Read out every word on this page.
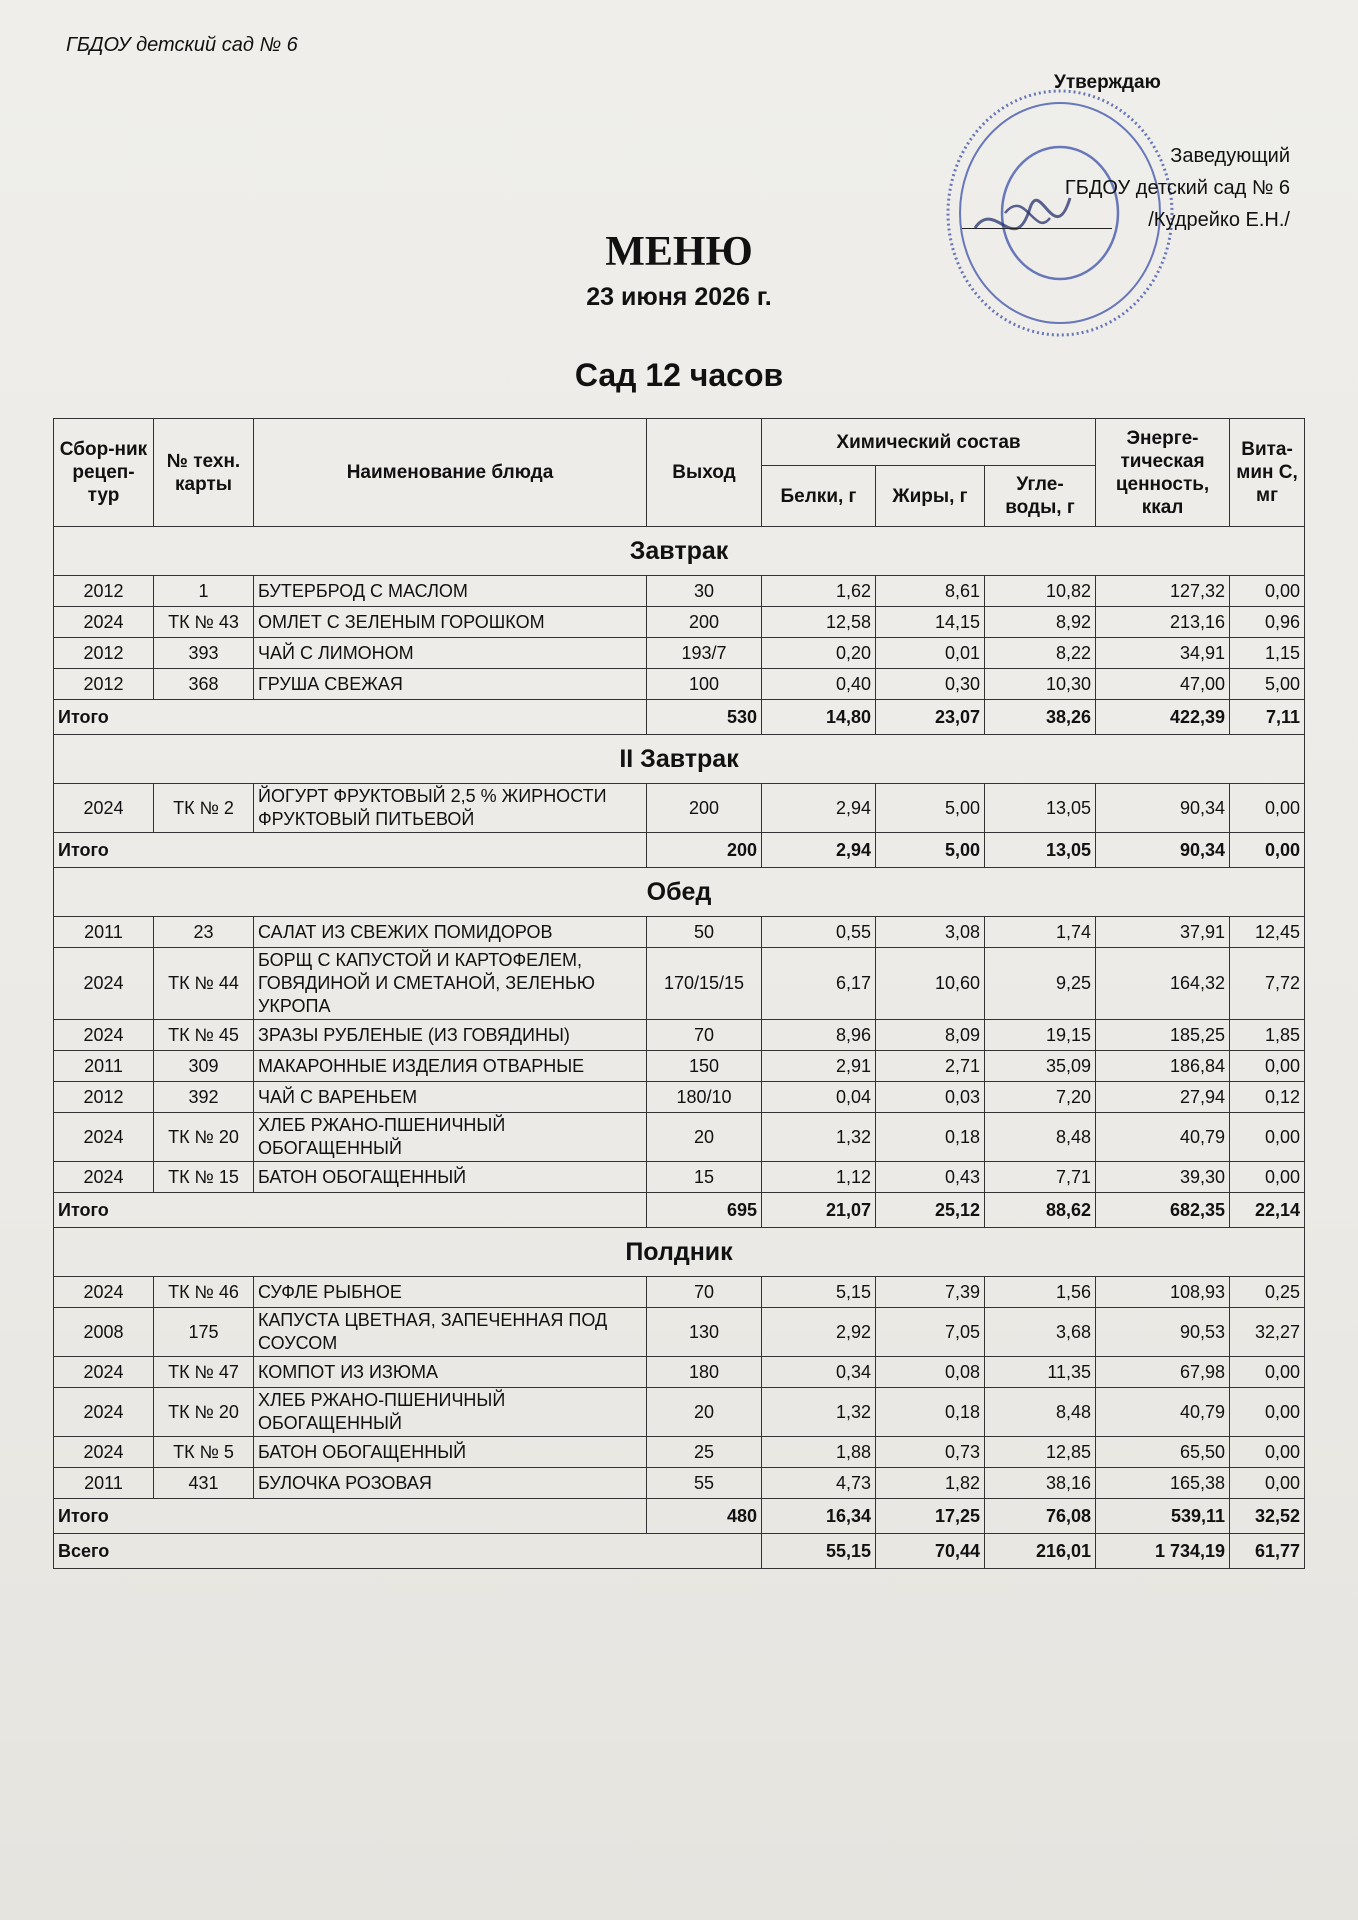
ГБДОУ детский сад № 6
Утверждаю
Заведующий
ГБДОУ детский сад № 6
/Кудрейко Е.Н./
МЕНЮ
23 июня 2026 г.
Сад 12 часов
Сбор-ник рецеп-тур	№ техн. карты	Наименование блюда	Выход	Химический состав			Энерге-тическая ценность, ккал	Вита-мин С, мг
				Белки, г	Жиры, г	Угле-воды, г		
Завтрак								
2012	1	БУТЕРБРОД С МАСЛОМ	30	1,62	8,61	10,82	127,32	0,00
2024	ТК № 43	ОМЛЕТ С ЗЕЛЕНЫМ ГОРОШКОМ	200	12,58	14,15	8,92	213,16	0,96
2012	393	ЧАЙ С ЛИМОНОМ	193/7	0,20	0,01	8,22	34,91	1,15
2012	368	ГРУША СВЕЖАЯ	100	0,40	0,30	10,30	47,00	5,00
Итого			530	14,80	23,07	38,26	422,39	7,11
II Завтрак								
2024	ТК № 2	ЙОГУРТ ФРУКТОВЫЙ 2,5 % ЖИРНОСТИ ФРУКТОВЫЙ ПИТЬЕВОЙ	200	2,94	5,00	13,05	90,34	0,00
Итого			200	2,94	5,00	13,05	90,34	0,00
Обед								
2011	23	САЛАТ ИЗ СВЕЖИХ ПОМИДОРОВ	50	0,55	3,08	1,74	37,91	12,45
2024	ТК № 44	БОРЩ С КАПУСТОЙ И КАРТОФЕЛЕМ, ГОВЯДИНОЙ И СМЕТАНОЙ, ЗЕЛЕНЬЮ УКРОПА	170/15/15	6,17	10,60	9,25	164,32	7,72
2024	ТК № 45	ЗРАЗЫ РУБЛЕНЫЕ (ИЗ ГОВЯДИНЫ)	70	8,96	8,09	19,15	185,25	1,85
2011	309	МАКАРОННЫЕ ИЗДЕЛИЯ ОТВАРНЫЕ	150	2,91	2,71	35,09	186,84	0,00
2012	392	ЧАЙ С ВАРЕНЬЕМ	180/10	0,04	0,03	7,20	27,94	0,12
2024	ТК № 20	ХЛЕБ РЖАНО-ПШЕНИЧНЫЙ ОБОГАЩЕННЫЙ	20	1,32	0,18	8,48	40,79	0,00
2024	ТК № 15	БАТОН ОБОГАЩЕННЫЙ	15	1,12	0,43	7,71	39,30	0,00
Итого			695	21,07	25,12	88,62	682,35	22,14
Полдник								
2024	ТК № 46	СУФЛЕ РЫБНОЕ	70	5,15	7,39	1,56	108,93	0,25
2008	175	КАПУСТА ЦВЕТНАЯ, ЗАПЕЧЕННАЯ ПОД СОУСОМ	130	2,92	7,05	3,68	90,53	32,27
2024	ТК № 47	КОМПОТ ИЗ ИЗЮМА	180	0,34	0,08	11,35	67,98	0,00
2024	ТК № 20	ХЛЕБ РЖАНО-ПШЕНИЧНЫЙ ОБОГАЩЕННЫЙ	20	1,32	0,18	8,48	40,79	0,00
2024	ТК № 5	БАТОН ОБОГАЩЕННЫЙ	25	1,88	0,73	12,85	65,50	0,00
2011	431	БУЛОЧКА РОЗОВАЯ	55	4,73	1,82	38,16	165,38	0,00
Итого			480	16,34	17,25	76,08	539,11	32,52
Всего				55,15	70,44	216,01	1 734,19	61,77
